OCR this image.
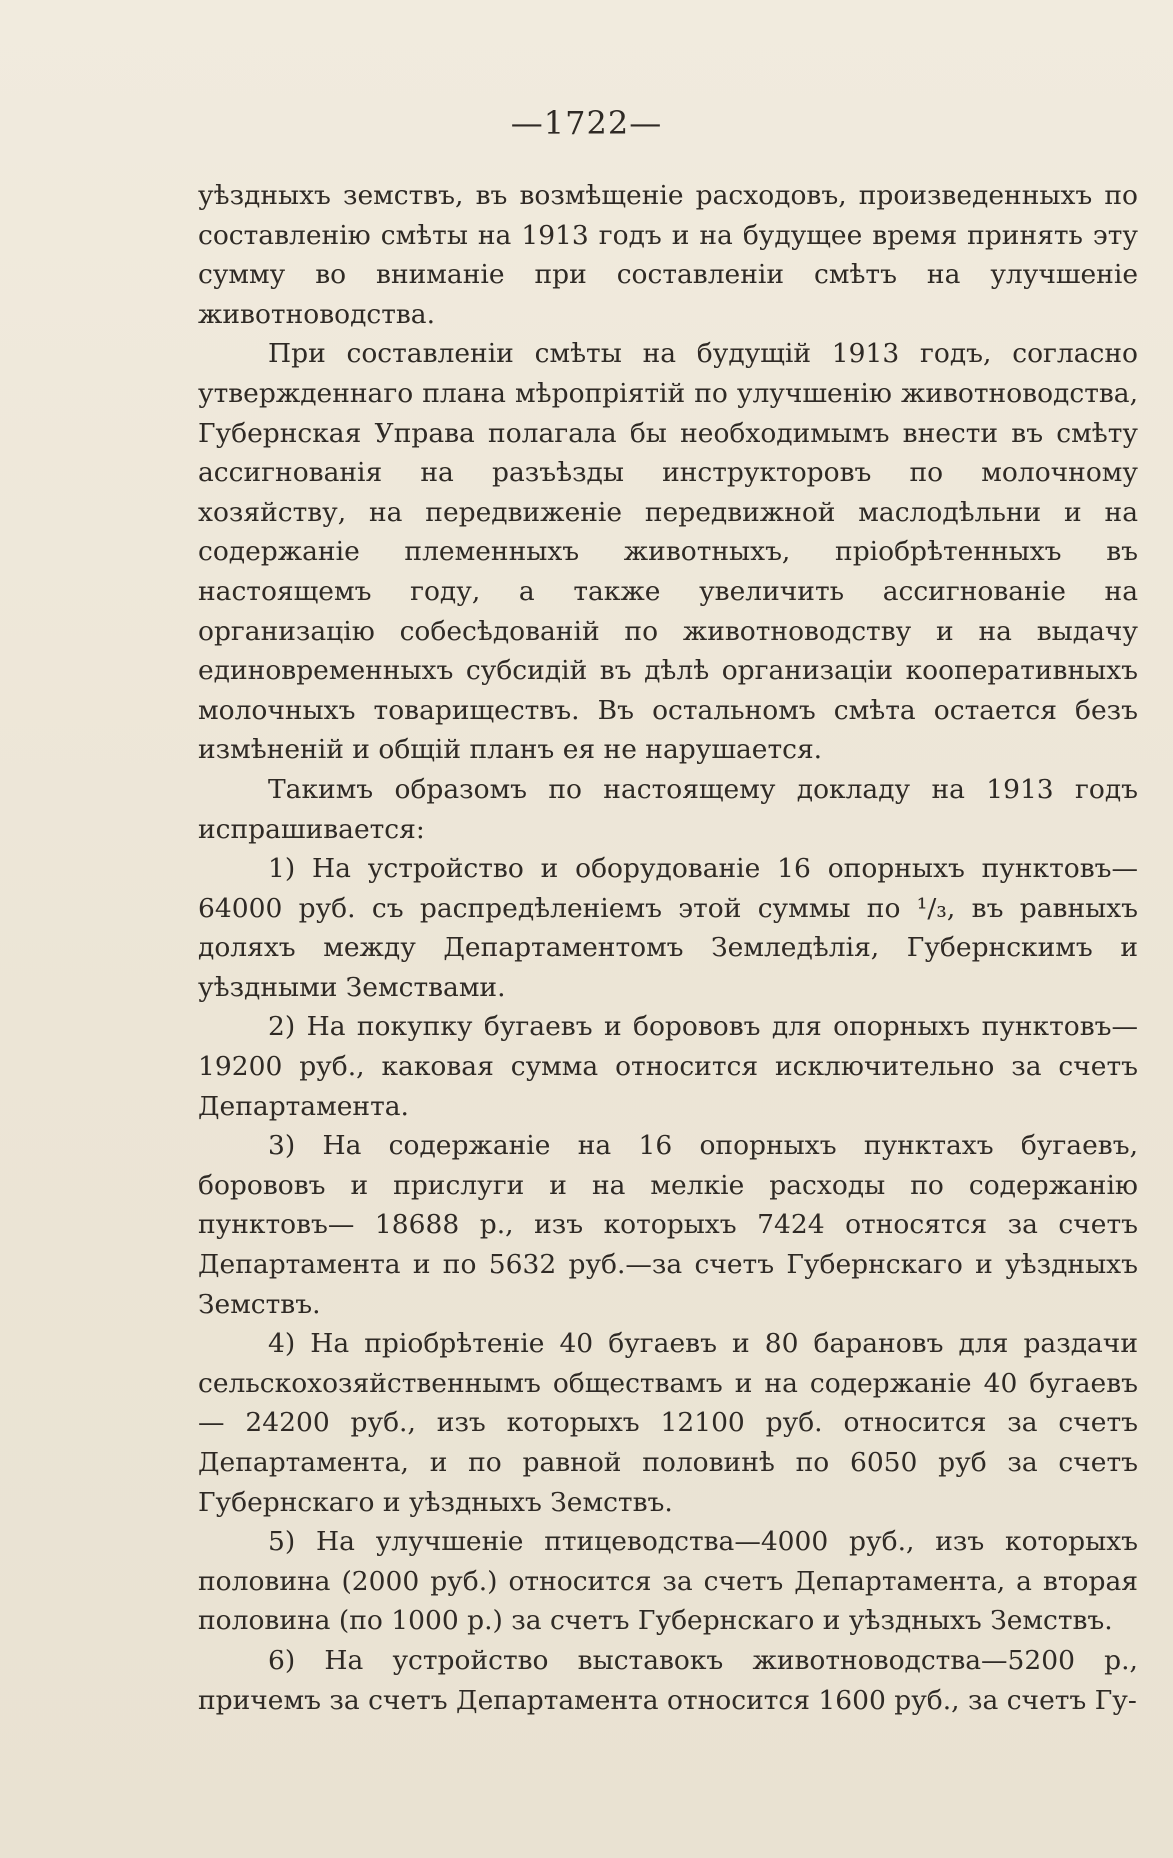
—1722—

уѣздныхъ земствъ, въ возмѣщеніе расходовъ, произведенныхъ по составленію смѣты на 1913 годъ и на будущее время принять эту сумму во вниманіе при составленіи смѣтъ на улучшеніе животноводства.

При составленіи смѣты на будущій 1913 годъ, согласно утвержденнаго плана мѣропріятій по улучшенію животноводства, Губернская Управа полагала бы необходимымъ внести въ смѣту ассигнованія на разъѣзды инструкторовъ по молочному хозяйству, на передвиженіе передвижной маслодѣльни и на содержаніе племенныхъ животныхъ, пріобрѣтенныхъ въ настоящемъ году, а также увеличить ассигнованіе на организацію собесѣдованій по животноводству и на выдачу единовременныхъ субсидій въ дѣлѣ организаціи кооперативныхъ молочныхъ товариществъ. Въ остальномъ смѣта остается безъ измѣненій и общій планъ ея не нарушается.

Такимъ образомъ по настоящему докладу на 1913 годъ испрашивается:

1) На устройство и оборудованіе 16 опорныхъ пунктовъ— 64000 руб. съ распредѣленіемъ этой суммы по ¹/₃, въ равныхъ доляхъ между Департаментомъ Земледѣлія, Губернскимъ и уѣздными Земствами.

2) На покупку бугаевъ и борововъ для опорныхъ пунктовъ— 19200 руб., каковая сумма относится исключительно за счетъ Департамента.

3) На содержаніе на 16 опорныхъ пунктахъ бугаевъ, борововъ и прислуги и на мелкіе расходы по содержанію пунктовъ— 18688 р., изъ которыхъ 7424 относятся за счетъ Департамента и по 5632 руб.—за счетъ Губернскаго и уѣздныхъ Земствъ.

4) На пріобрѣтеніе 40 бугаевъ и 80 барановъ для раздачи сельскохозяйственнымъ обществамъ и на содержаніе 40 бугаевъ— 24200 руб., изъ которыхъ 12100 руб. относится за счетъ Департамента, и по равной половинѣ по 6050 руб за счетъ Губернскаго и уѣздныхъ Земствъ.

5) На улучшеніе птицеводства—4000 руб., изъ которыхъ половина (2000 руб.) относится за счетъ Департамента, а вторая половина (по 1000 р.) за счетъ Губернскаго и уѣздныхъ Земствъ.

6) На устройство выставокъ животноводства—5200 р., причемъ за счетъ Департамента относится 1600 руб., за счетъ Гу-
